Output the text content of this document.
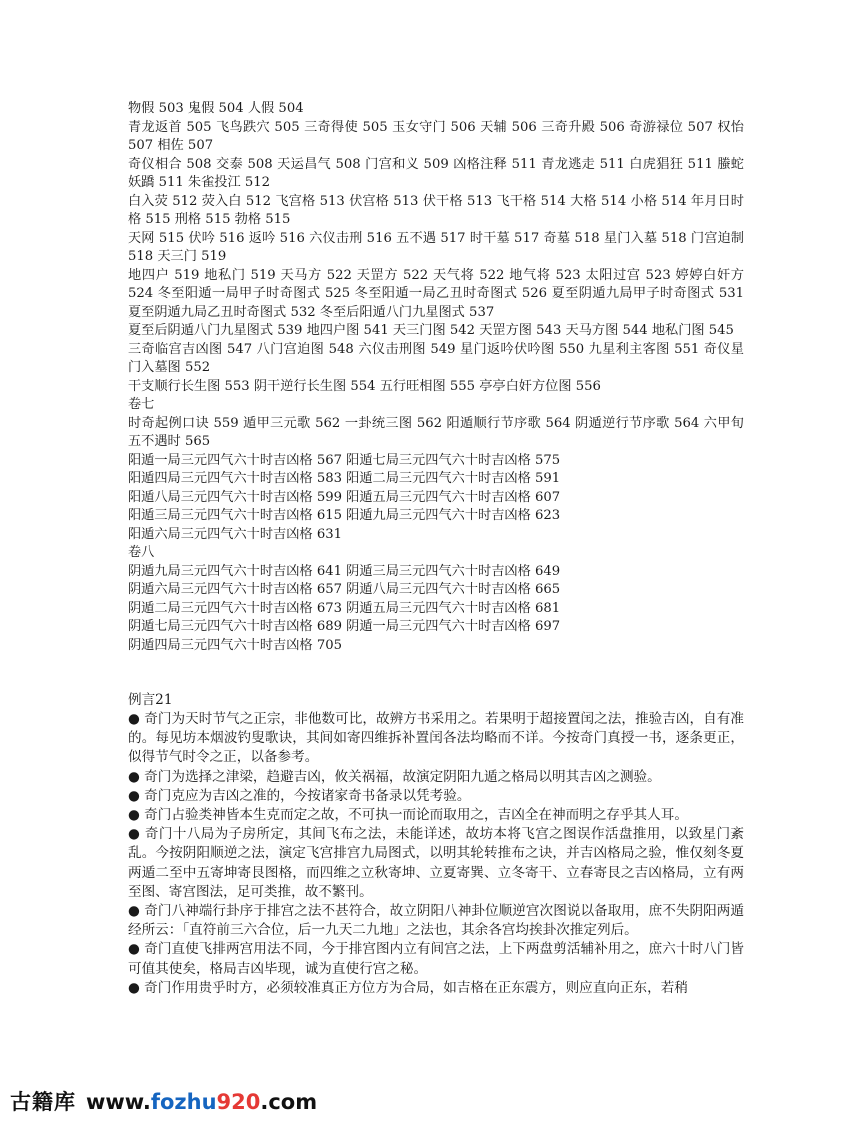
物假 503 鬼假 504 人假 504

青龙返首 505 飞鸟跌穴 505 三奇得使 505 玉女守门 506 天辅 506 三奇升殿 506 奇游禄位 507 权怡 507 相佐 507

奇仪相合 508 交泰 508 天运昌气 508 门宫和义 509 凶格注释 511 青龙逃走 511 白虎猖狂 511 螣蛇妖蹻 511 朱雀投江 512

白入荧 512 荧入白 512 飞宫格 513 伏宫格 513 伏干格 513 飞干格 514 大格 514 小格 514 年月日时格 515 刑格 515 勃格 515

天网 515 伏吟 516 返吟 516 六仪击刑 516 五不遇 517 时干墓 517 奇墓 518 星门入墓 518 门宫迫制 518 天三门 519

地四户 519 地私门 519 天马方 522 天罡方 522 天气将 522 地气将 523 太阳过宫 523 婷婷白奸方 524 冬至阳遁一局甲子时奇图式 525 冬至阳遁一局乙丑时奇图式 526 夏至阴遁九局甲子时奇图式 531 夏至阴遁九局乙丑时奇图式 532 冬至后阳遁八门九星图式 537

夏至后阴遁八门九星图式 539 地四户图 541 天三门图 542 天罡方图 543 天马方图 544 地私门图 545

三奇临宫吉凶图 547 八门宫迫图 548 六仪击刑图 549 星门返吟伏吟图 550 九星利主客图 551 奇仪星门入墓图 552

干支顺行长生图 553 阴干逆行长生图 554 五行旺相图 555 亭亭白奸方位图 556

卷七

时奇起例口诀 559 遁甲三元歌 562 一卦统三图 562 阳遁顺行节序歌 564 阴遁逆行节序歌 564 六甲旬五不遇时 565

阳遁一局三元四气六十时吉凶格 567 阳遁七局三元四气六十时吉凶格 575

阳遁四局三元四气六十时吉凶格 583 阳遁二局三元四气六十时吉凶格 591

阳遁八局三元四气六十时吉凶格 599 阳遁五局三元四气六十时吉凶格 607

阳遁三局三元四气六十时吉凶格 615 阳遁九局三元四气六十时吉凶格 623

阳遁六局三元四气六十时吉凶格 631

卷八

阴遁九局三元四气六十时吉凶格 641 阴遁三局三元四气六十时吉凶格 649

阴遁六局三元四气六十时吉凶格 657 阴遁八局三元四气六十时吉凶格 665

阴遁二局三元四气六十时吉凶格 673 阴遁五局三元四气六十时吉凶格 681

阴遁七局三元四气六十时吉凶格 689 阴遁一局三元四气六十时吉凶格 697

阴遁四局三元四气六十时吉凶格 705

例言21

● 奇门为天时节气之正宗，非他数可比，故辨方书采用之。若果明于超接置闰之法，推验吉凶，自有准的。每见坊本烟波钓叟歌诀，其间如寄四维拆补置闰各法均略而不详。今按奇门真授一书，逐条更正，似得节气时令之正，以备参考。

● 奇门为选择之津梁，趋避吉凶，攸关祸福，故演定阴阳九遁之格局以明其吉凶之测验。

● 奇门克应为吉凶之准的，今按诸家奇书备录以凭考验。

● 奇门占验类神皆本生克而定之故，不可执一而论而取用之，吉凶全在神而明之存乎其人耳。

● 奇门十八局为子房所定，其间飞布之法，未能详述，故坊本将飞宫之图误作活盘推用，以致星门紊乱。今按阴阳顺逆之法，演定飞宫排宫九局图式，以明其轮转推布之诀，并吉凶格局之验，惟仅刻冬夏两遁二至中五寄坤寄艮图格，而四维之立秋寄坤、立夏寄巽、立冬寄干、立春寄艮之吉凶格局，立有两至图、寄宫图法，足可类推，故不繁刊。

● 奇门八神端行卦序于排宫之法不甚符合，故立阴阳八神卦位顺逆宫次图说以备取用，庶不失阴阳两遁经所云：「直符前三六合位，后一九天二九地」之法也，其余各宫均挨卦次推定列后。

● 奇门直使飞排两宫用法不同，今于排宫图内立有间宫之法，上下两盘剪活辅补用之，庶六十时八门皆可值其使矣，格局吉凶毕现，诚为直使行宫之秘。

● 奇门作用贵乎时方，必须较准真正方位方为合局，如吉格在正东震方，则应直向正东，若稍

古籍库 www. fozhu 920 .com
